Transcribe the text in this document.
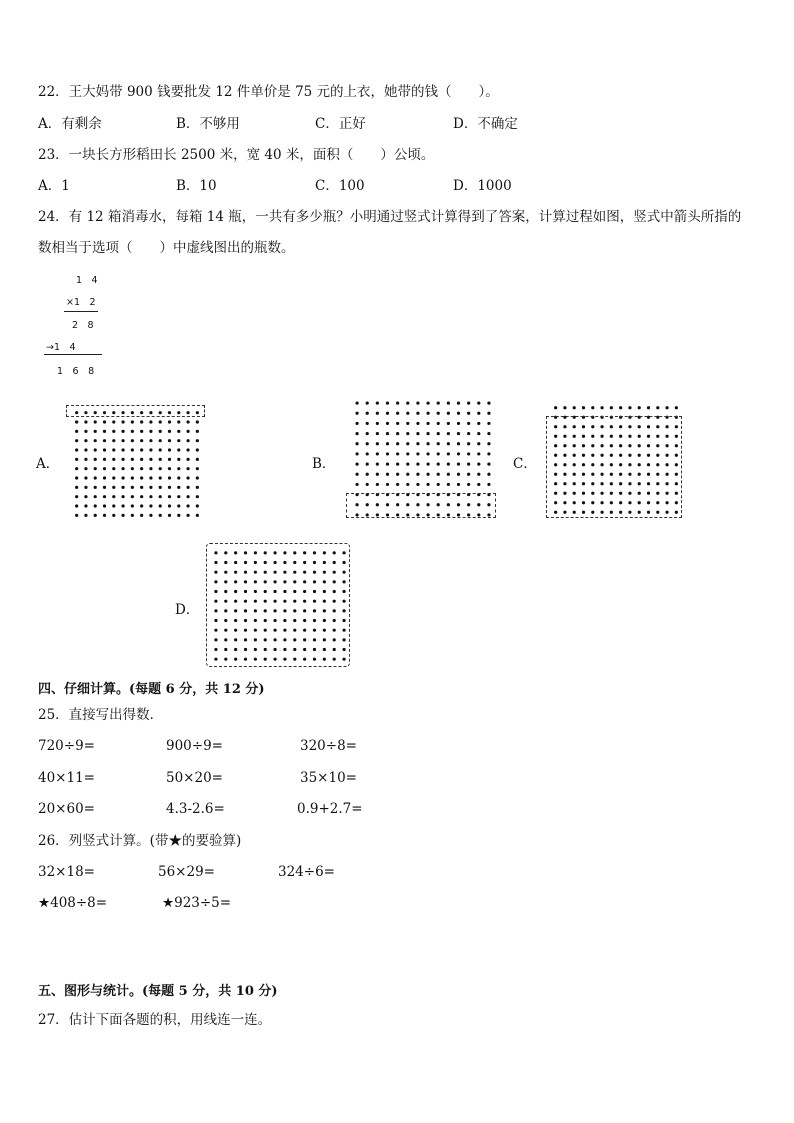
22．王大妈带 900 钱要批发 12 件单价是 75 元的上衣，她带的钱（　　）。
A．有剩余	B．不够用	C．正好	D．不确定
23．一块长方形稻田长 2500 米，宽 40 米，面积（　　）公顷。
A．1	B．10	C．100	D．1000
24．有 12 箱消毒水，每箱 14 瓶，一共有多少瓶？小明通过竖式计算得到了答案，计算过程如图，竖式中箭头所指的
数相当于选项（　　）中虚线图出的瓶数。
1　4
×1　2
2　8
→1　4
1　6　8
A．	B．	C．
D．
四、仔细计算。(每题 6 分，共 12 分)
25．直接写出得数．
720÷9=	900÷9=	320÷8=
40×11=	50×20=	35×10=
20×60=	4.3-2.6=	0.9+2.7=
26．列竖式计算。(带★的要验算)
32×18=	56×29=	324÷6=
★408÷8=	★923÷5=
五、图形与统计。(每题 5 分，共 10 分)
27．估计下面各题的积，用线连一连。
